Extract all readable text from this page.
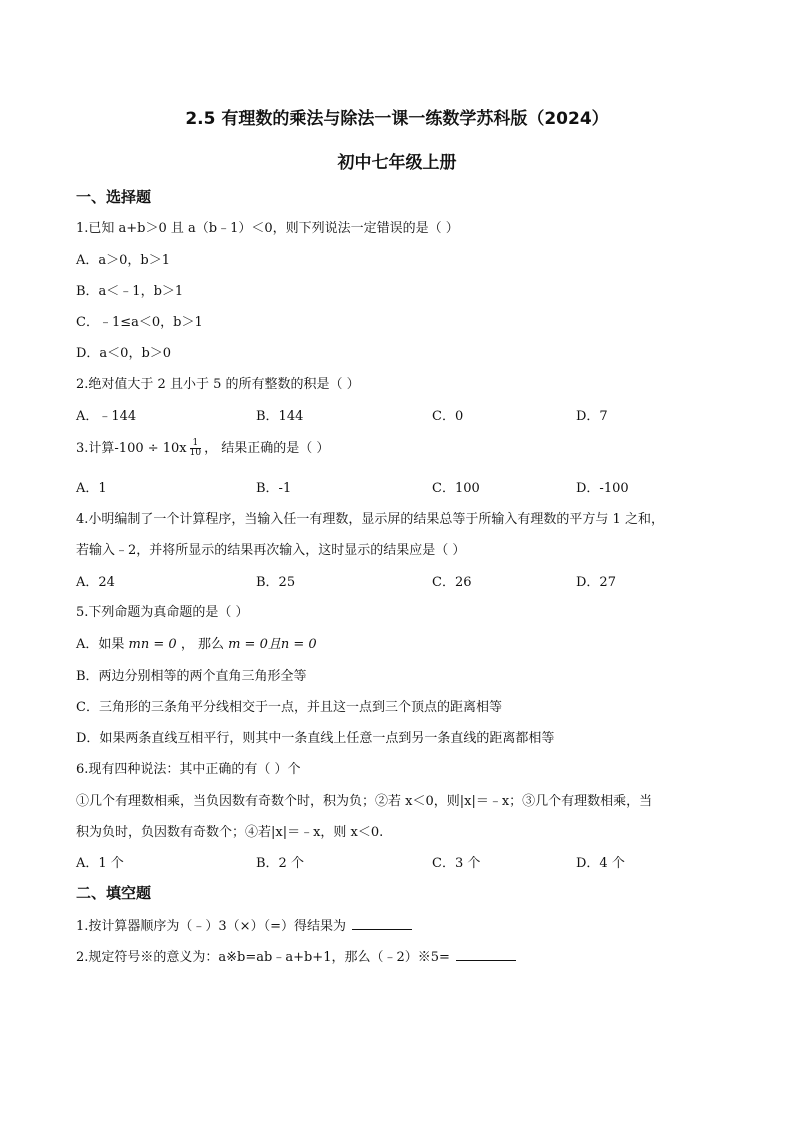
2.5 有理数的乘法与除法一课一练数学苏科版（2024）
初中七年级上册
一、选择题
1.已知 a+b＞0 且 a（b﹣1）＜0，则下列说法一定错误的是（ ）
A．a＞0，b＞1
B．a＜﹣1，b＞1
C．﹣1≤a＜0，b＞1
D．a＜0，b＞0
2.绝对值大于 2 且小于 5 的所有整数的积是（ ）
A．﹣144	B．144	C．0	D．7
3.计算$-100 \div 10x \frac{1}{10}$ ， 结果正确的是（ ）
A．1	B．-1	C．100	D．-100
4.小明编制了一个计算程序，当输入任一有理数，显示屏的结果总等于所输入有理数的平方与 1 之和，
若输入﹣2，并将所显示的结果再次输入，这时显示的结果应是（ ）
A．24	B．25	C．26	D．27
5.下列命题为真命题的是（ ）
A．如果 mn = 0 ， 那么 m = 0且n = 0
B．两边分别相等的两个直角三角形全等
C．三角形的三条角平分线相交于一点，并且这一点到三个顶点的距离相等
D．如果两条直线互相平行，则其中一条直线上任意一点到另一条直线的距离都相等
6.现有四种说法：其中正确的有（ ）个
①几个有理数相乘，当负因数有奇数个时，积为负；②若 x＜0，则|x|＝﹣x；③几个有理数相乘，当
积为负时，负因数有奇数个；④若|x|＝﹣x，则 x＜0.
A．1 个	B．2 个	C．3 个	D．4 个
二、填空题
1.按计算器顺序为（﹣）3（×）（=）得结果为
2.规定符号※的意义为：a※b=ab﹣a+b+1，那么（﹣2）※5=
